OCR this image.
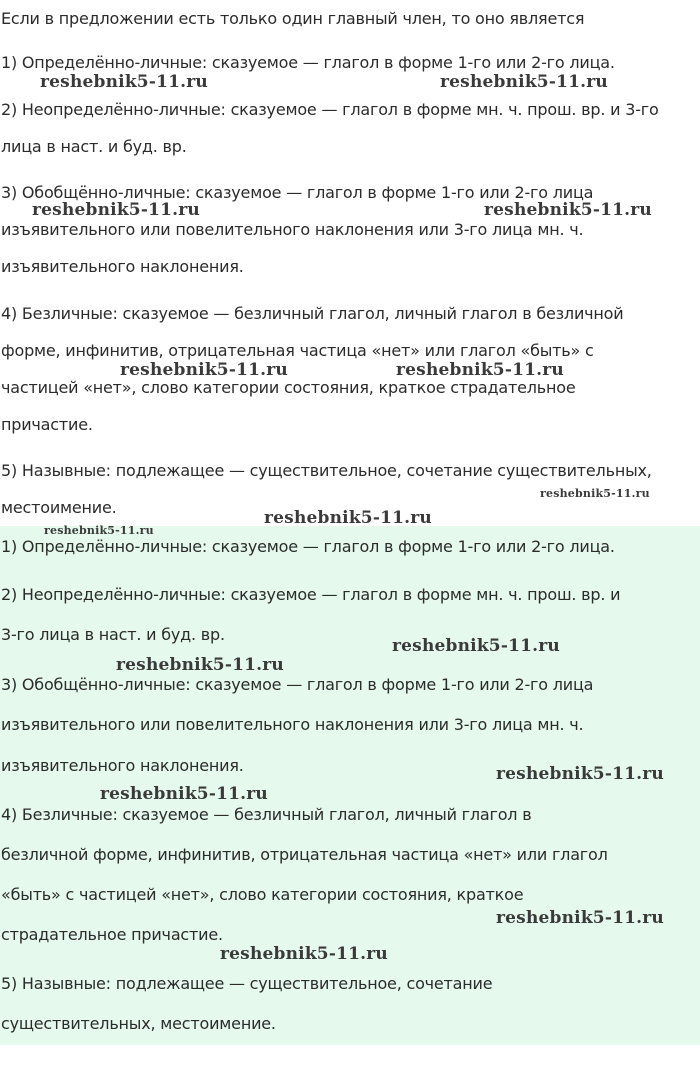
Если в предложении есть только один главный член, то оно является

1) Определённо-личные: сказуемое — глагол в форме 1-го или 2-го лица.

2) Неопределённо-личные: сказуемое — глагол в форме мн. ч. прош. вр. и 3-го

лица в наст. и буд. вр.

3) Обобщённо-личные: сказуемое — глагол в форме 1-го или 2-го лица

изъявительного или повелительного наклонения или 3-го лица мн. ч.

изъявительного наклонения.

4) Безличные: сказуемое — безличный глагол, личный глагол в безличной

форме, инфинитив, отрицательная частица «нет» или глагол «быть» с

частицей «нет», слово категории состояния, краткое страдательное

причастие.

5) Назывные: подлежащее — существительное, сочетание существительных,

местоимение.

1) Определённо-личные: сказуемое — глагол в форме 1-го или 2-го лица.

2) Неопределённо-личные: сказуемое — глагол в форме мн. ч. прош. вр. и

3-го лица в наст. и буд. вр.

3) Обобщённо-личные: сказуемое — глагол в форме 1-го или 2-го лица

изъявительного или повелительного наклонения или 3-го лица мн. ч.

изъявительного наклонения.

4) Безличные: сказуемое — безличный глагол, личный глагол в

безличной форме, инфинитив, отрицательная частица «нет» или глагол

«быть» с частицей «нет», слово категории состояния, краткое

страдательное причастие.

5) Назывные: подлежащее — существительное, сочетание

существительных, местоимение.

reshebnik5-11.ru	reshebnik5-11.ru
reshebnik5-11.ru	reshebnik5-11.ru
reshebnik5-11.ru	reshebnik5-11.ru
reshebnik5-11.ru
reshebnik5-11.ru
reshebnik5-11.ru
reshebnik5-11.ru
reshebnik5-11.ru
reshebnik5-11.ru
reshebnik5-11.ru
reshebnik5-11.ru
reshebnik5-11.ru
